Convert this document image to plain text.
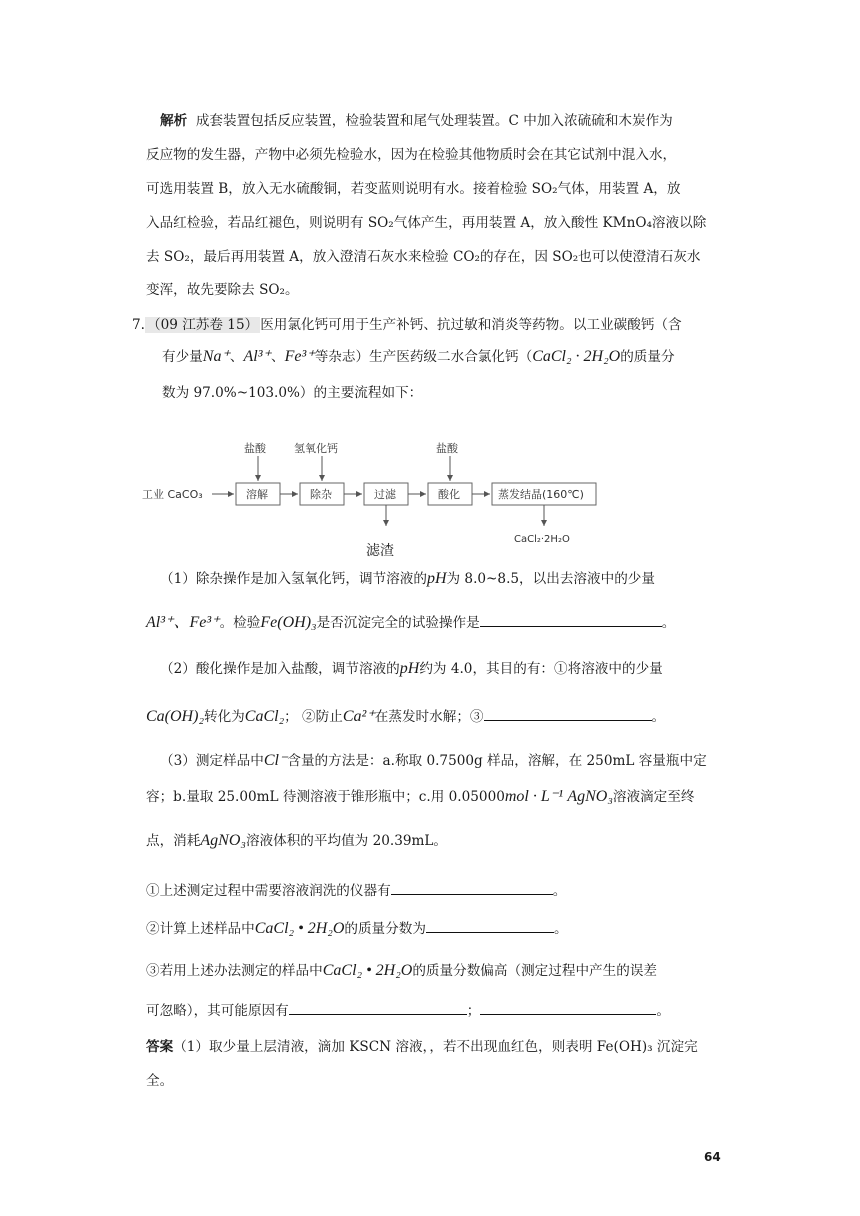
解析 成套装置包括反应装置，检验装置和尾气处理装置。C 中加入浓硫硫和木炭作为
反应物的发生器，产物中必须先检验水，因为在检验其他物质时会在其它试剂中混入水，
可选用装置 B，放入无水硫酸铜，若变蓝则说明有水。接着检验 SO₂气体，用装置 A，放
入品红检验，若品红褪色，则说明有 SO₂气体产生，再用装置 A，放入酸性 KMnO₄溶液以除
去 SO₂，最后再用装置 A，放入澄清石灰水来检验 CO₂的存在，因 SO₂也可以使澄清石灰水
变浑，故先要除去 SO₂。
7. （09 江苏卷 15） 医用氯化钙可用于生产补钙、抗过敏和消炎等药物。以工业碳酸钙（含
有少量Na⁺、Al³⁺、Fe³⁺等杂志）生产医药级二水合氯化钙（CaCl₂ · 2H₂O的质量分
数为 97.0%~103.0%）的主要流程如下：
工业 CaCO₃	溶解	除杂	过滤	酸化	蒸发结晶(160℃)
盐酸	氢氧化钙	盐酸
CaCl₂·2H₂O
滤渣
（1）除杂操作是加入氢氧化钙，调节溶液的pH为 8.0~8.5，以出去溶液中的少量
Al³⁺、Fe³⁺。检验Fe(OH)₃是否沉淀完全的试验操作是	。
（2）酸化操作是加入盐酸，调节溶液的pH约为 4.0，其目的有：①将溶液中的少量
Ca(OH)₂转化为CaCl₂； ②防止Ca²⁺在蒸发时水解；③	。
（3）测定样品中Cl⁻含量的方法是：a.称取 0.7500g 样品，溶解，在 250mL 容量瓶中定
容；b.量取 25.00mL 待测溶液于锥形瓶中；c.用 0.05000mol · L⁻¹ AgNO₃溶液滴定至终
点，消耗AgNO₃溶液体积的平均值为 20.39mL。
①上述测定过程中需要溶液润洗的仪器有	。
②计算上述样品中CaCl₂ • 2H₂O的质量分数为	。
③若用上述办法测定的样品中CaCl₂ • 2H₂O的质量分数偏高（测定过程中产生的误差
可忽略），其可能原因有	；	。
答案（1）取少量上层清液，滴加 KSCN 溶液，，若不出现血红色，则表明 Fe(OH)₃ 沉淀完
全。
64
